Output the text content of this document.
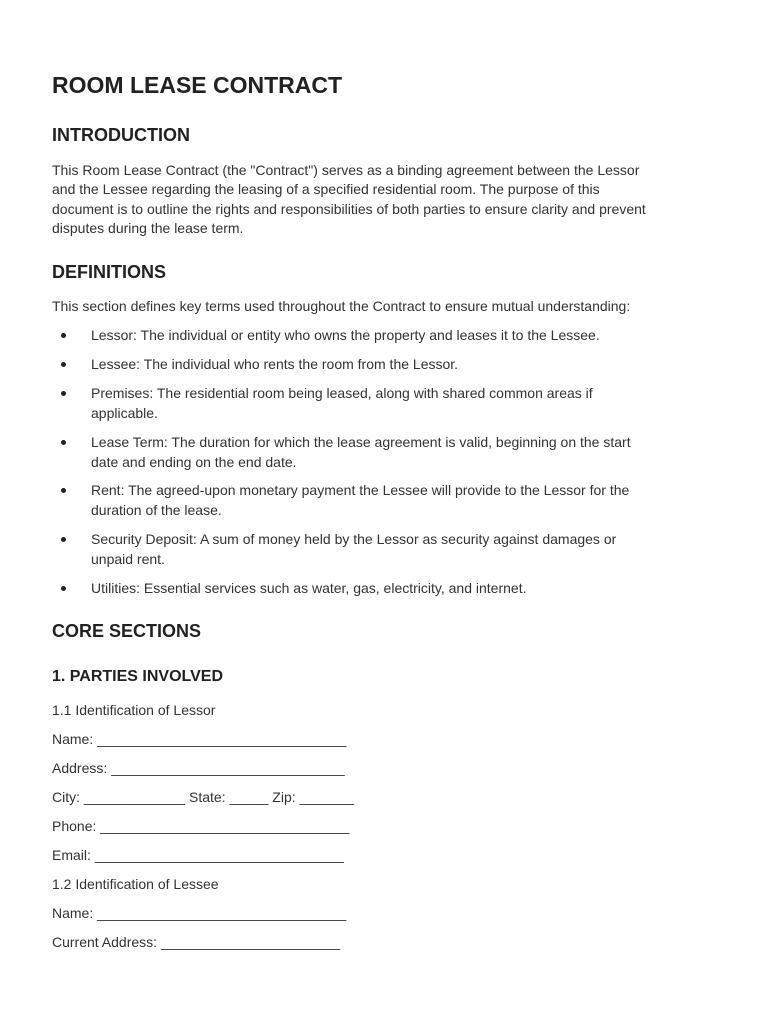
ROOM LEASE CONTRACT
INTRODUCTION
This Room Lease Contract (the "Contract") serves as a binding agreement between the Lessor
and the Lessee regarding the leasing of a specified residential room. The purpose of this
document is to outline the rights and responsibilities of both parties to ensure clarity and prevent
disputes during the lease term.
DEFINITIONS
This section defines key terms used throughout the Contract to ensure mutual understanding:
Lessor: The individual or entity who owns the property and leases it to the Lessee.
Lessee: The individual who rents the room from the Lessor.
Premises: The residential room being leased, along with shared common areas if
applicable.
Lease Term: The duration for which the lease agreement is valid, beginning on the start
date and ending on the end date.
Rent: The agreed-upon monetary payment the Lessee will provide to the Lessor for the
duration of the lease.
Security Deposit: A sum of money held by the Lessor as security against damages or
unpaid rent.
Utilities: Essential services such as water, gas, electricity, and internet.
CORE SECTIONS
1. PARTIES INVOLVED
1.1 Identification of Lessor
Name: ________________________________
Address: ______________________________
City: _____________ State: _____ Zip: _______
Phone: ________________________________
Email: ________________________________
1.2 Identification of Lessee
Name: ________________________________
Current Address: _______________________
